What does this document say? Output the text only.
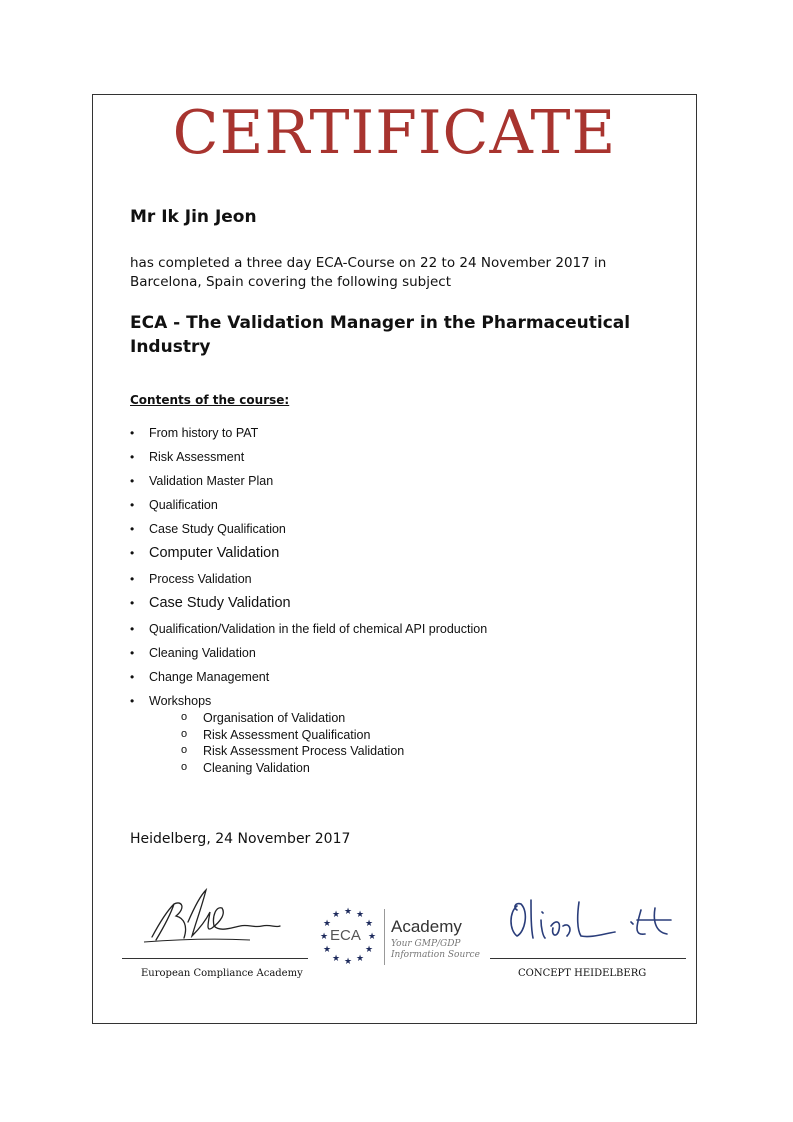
CERTIFICATE
Mr Ik Jin Jeon
has completed a three day ECA-Course on 22 to 24 November 2017 in Barcelona, Spain covering the following subject
ECA - The Validation Manager in the Pharmaceutical Industry
Contents of the course:
• From history to PAT
• Risk Assessment
• Validation Master Plan
• Qualification
• Case Study Qualification
• Computer Validation
• Process Validation
• Case Study Validation
• Qualification/Validation in the field of chemical API production
• Cleaning Validation
• Change Management
• Workshops
o Organisation of Validation
o Risk Assessment Qualification
o Risk Assessment Process Validation
o Cleaning Validation
Heidelberg, 24 November 2017
European Compliance Academy	CONCEPT HEIDELBERG
★ ★
★
★
★
★
★
★
★
★
★
★
ECA Academy
Your GMP/GDP
Information Source
